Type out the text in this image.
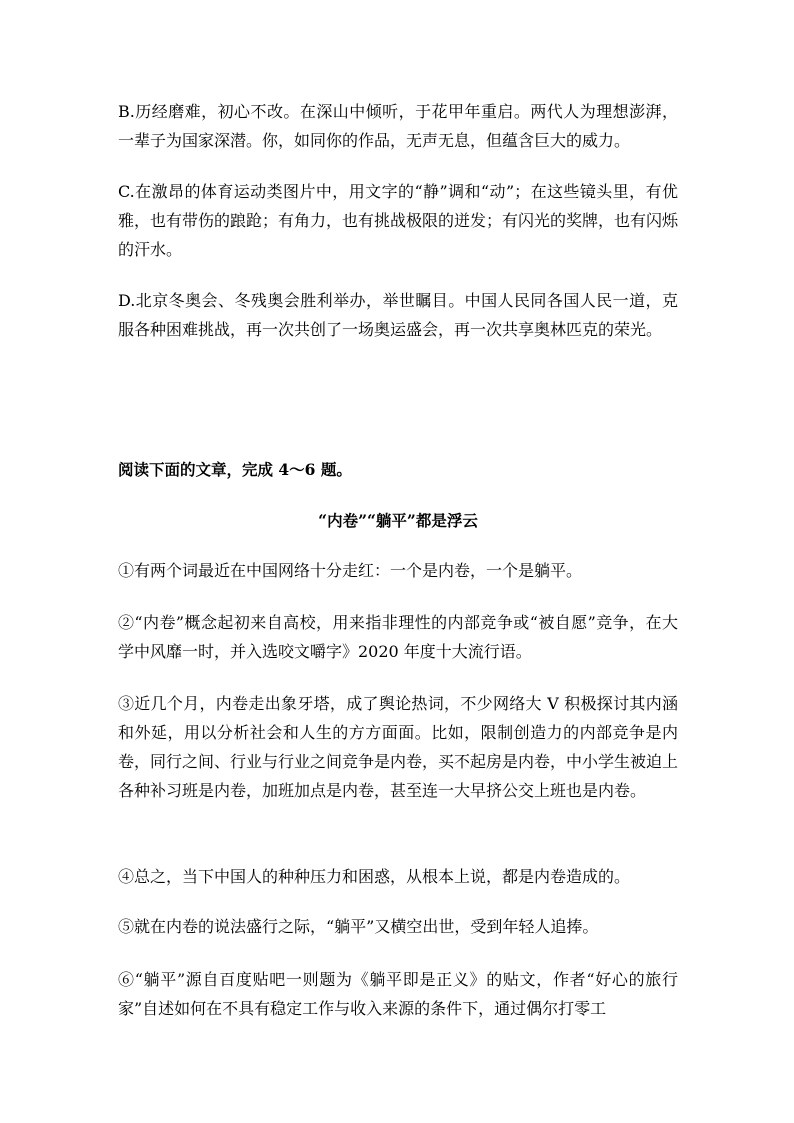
B.历经磨难，初心不改。在深山中倾听，于花甲年重启。两代人为理想澎湃，一辈子为国家深潜。你，如同你的作品，无声无息，但蕴含巨大的威力。

C.在激昂的体育运动类图片中，用文字的“静”调和“动”；在这些镜头里，有优雅，也有带伤的踉跄；有角力，也有挑战极限的迸发；有闪光的奖牌，也有闪烁的汗水。

D.北京冬奥会、冬残奥会胜利举办，举世瞩目。中国人民同各国人民一道，克服各种困难挑战，再一次共创了一场奥运盛会，再一次共享奥林匹克的荣光。

阅读下面的文章，完成 4～6 题。

“内卷”“躺平”都是浮云

①有两个词最近在中国网络十分走红：一个是内卷，一个是躺平。

②“内卷”概念起初来自高校，用来指非理性的内部竞争或“被自愿”竞争，在大学中风靡一时，并入选咬文嚼字》2020 年度十大流行语。

③近几个月，内卷走出象牙塔，成了舆论热词，不少网络大 V 积极探讨其内涵和外延，用以分析社会和人生的方方面面。比如，限制创造力的内部竞争是内卷，同行之间、行业与行业之间竞争是内卷，买不起房是内卷，中小学生被迫上各种补习班是内卷，加班加点是内卷，甚至连一大早挤公交上班也是内卷。

④总之，当下中国人的种种压力和困惑，从根本上说，都是内卷造成的。

⑤就在内卷的说法盛行之际，“躺平”又横空出世，受到年轻人追捧。

⑥“躺平”源自百度贴吧一则题为《躺平即是正义》的贴文，作者“好心的旅行家”自述如何在不具有稳定工作与收入来源的条件下，通过偶尔打零工
